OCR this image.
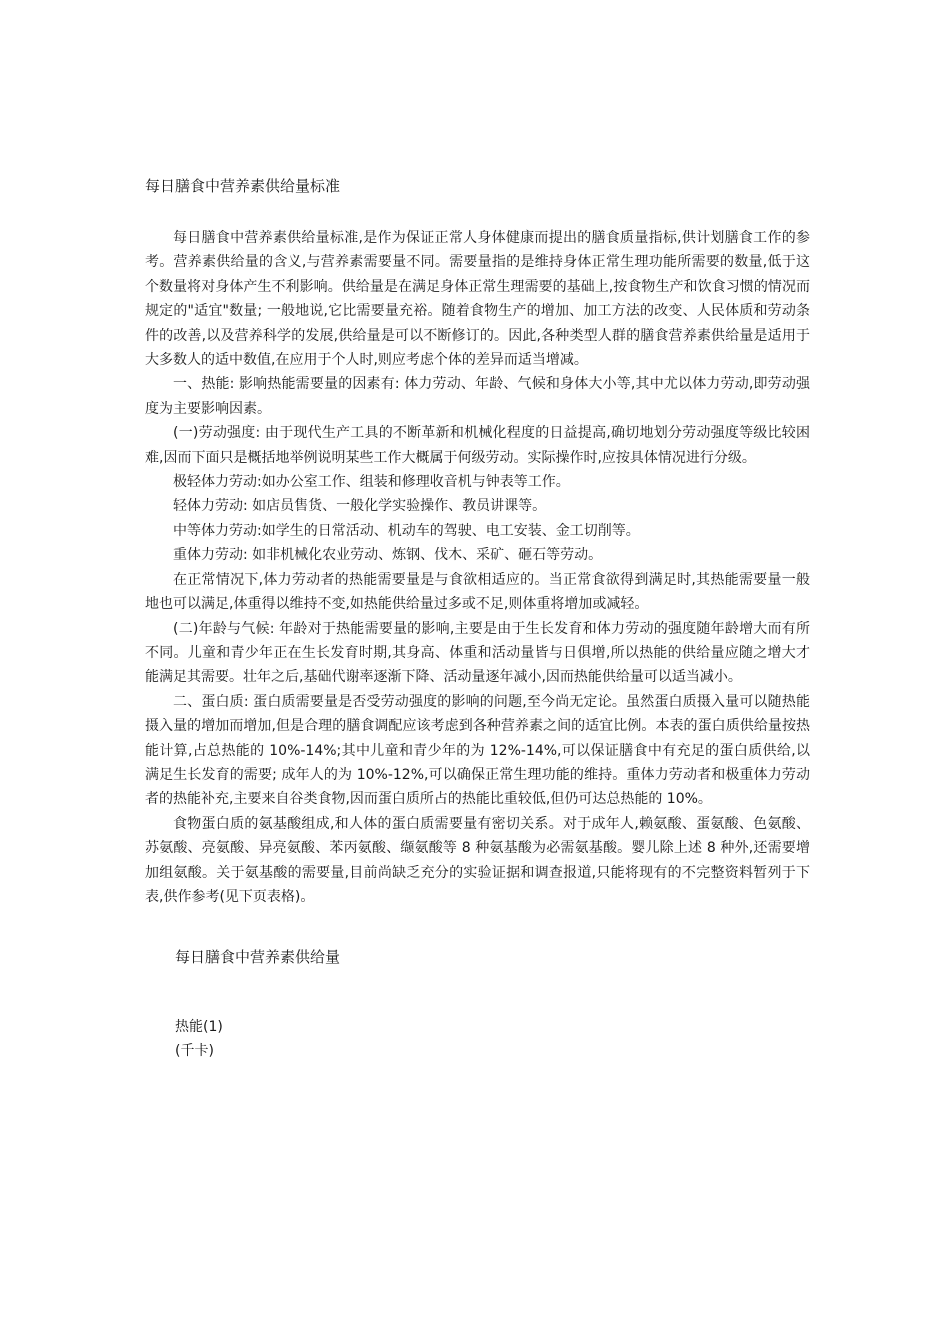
每日膳食中营养素供给量标准

每日膳食中营养素供给量标准,是作为保证正常人身体健康而提出的膳食质量指标,供计划膳食工作的参考。营养素供给量的含义,与营养素需要量不同。需要量指的是维持身体正常生理功能所需要的数量,低于这个数量将对身体产生不利影响。供给量是在满足身体正常生理需要的基础上,按食物生产和饮食习惯的情况而规定的"适宜"数量; 一般地说,它比需要量充裕。随着食物生产的增加、加工方法的改变、人民体质和劳动条件的改善,以及营养科学的发展,供给量是可以不断修订的。因此,各种类型人群的膳食营养素供给量是适用于大多数人的适中数值,在应用于个人时,则应考虑个体的差异而适当增减。

一、热能: 影响热能需要量的因素有: 体力劳动、年龄、气候和身体大小等,其中尤以体力劳动,即劳动强度为主要影响因素。

(一)劳动强度: 由于现代生产工具的不断革新和机械化程度的日益提高,确切地划分劳动强度等级比较困难,因而下面只是概括地举例说明某些工作大概属于何级劳动。实际操作时,应按具体情况进行分级。

极轻体力劳动:如办公室工作、组装和修理收音机与钟表等工作。

轻体力劳动: 如店员售货、一般化学实验操作、教员讲课等。

中等体力劳动:如学生的日常活动、机动车的驾驶、电工安装、金工切削等。

重体力劳动: 如非机械化农业劳动、炼钢、伐木、采矿、砸石等劳动。

在正常情况下,体力劳动者的热能需要量是与食欲相适应的。当正常食欲得到满足时,其热能需要量一般地也可以满足,体重得以维持不变,如热能供给量过多或不足,则体重将增加或减轻。

(二)年龄与气候: 年龄对于热能需要量的影响,主要是由于生长发育和体力劳动的强度随年龄增大而有所不同。儿童和青少年正在生长发育时期,其身高、体重和活动量皆与日俱增,所以热能的供给量应随之增大才能满足其需要。壮年之后,基础代谢率逐渐下降、活动量逐年减小,因而热能供给量可以适当减小。

二、蛋白质: 蛋白质需要量是否受劳动强度的影响的问题,至今尚无定论。虽然蛋白质摄入量可以随热能摄入量的增加而增加,但是合理的膳食调配应该考虑到各种营养素之间的适宜比例。本表的蛋白质供给量按热能计算,占总热能的 10%-14%;其中儿童和青少年的为 12%-14%,可以保证膳食中有充足的蛋白质供给,以满足生长发育的需要; 成年人的为 10%-12%,可以确保正常生理功能的维持。重体力劳动者和极重体力劳动者的热能补充,主要来自谷类食物,因而蛋白质所占的热能比重较低,但仍可达总热能的 10%。

食物蛋白质的氨基酸组成,和人体的蛋白质需要量有密切关系。对于成年人,赖氨酸、蛋氨酸、色氨酸、苏氨酸、亮氨酸、异亮氨酸、苯丙氨酸、缬氨酸等 8 种氨基酸为必需氨基酸。婴儿除上述 8 种外,还需要增加组氨酸。关于氨基酸的需要量,目前尚缺乏充分的实验证据和调查报道,只能将现有的不完整资料暂列于下表,供作参考(见下页表格)。

每日膳食中营养素供给量
热能(1)
(千卡)
